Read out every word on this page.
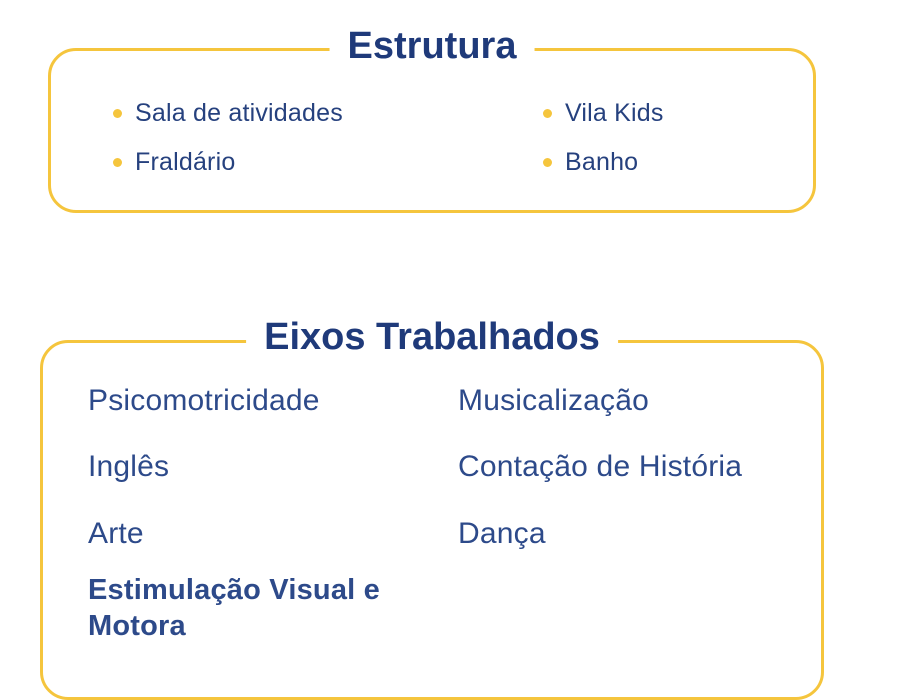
Estrutura
Sala de atividades	Vila Kids
Fraldário	Banho
Eixos Trabalhados
Psicomotricidade
Inglês
Arte
Estimulação Visual e Motora
Musicalização
Contação de História
Dança
